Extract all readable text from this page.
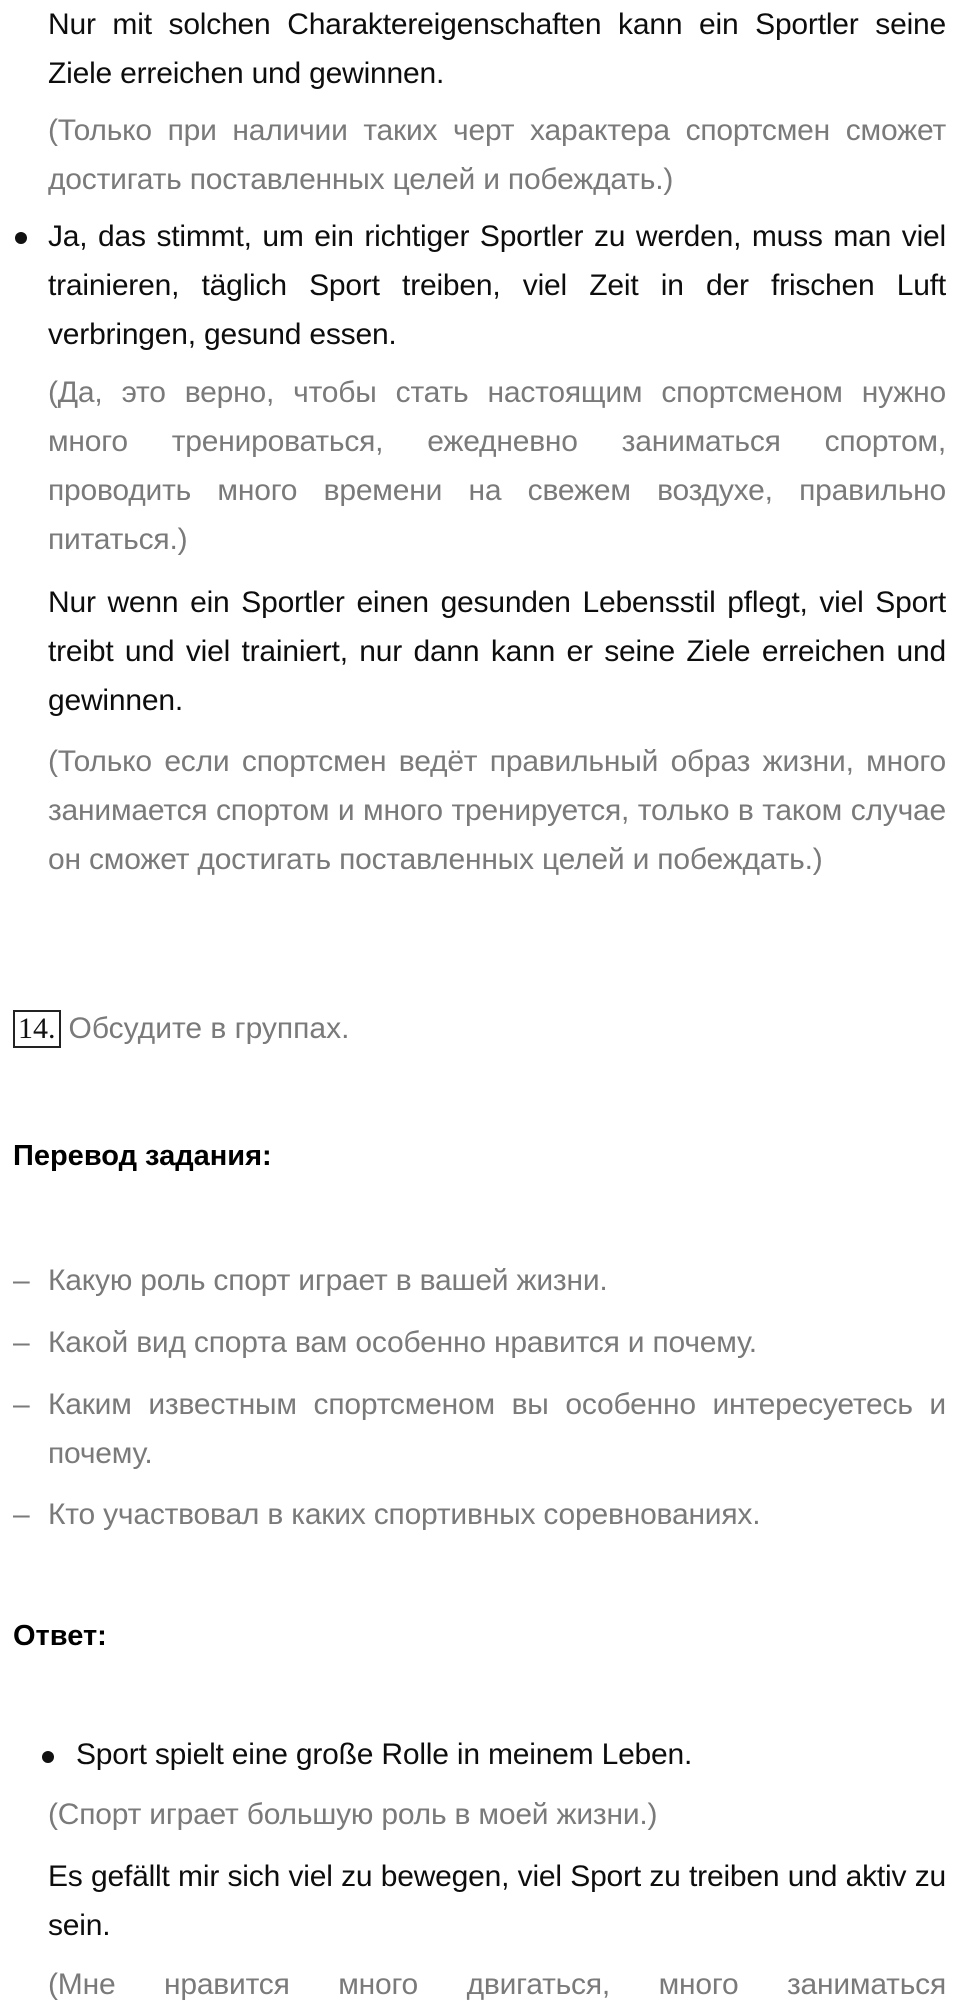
Nur mit solchen Charaktereigenschaften kann ein Sportler seine Ziele erreichen und gewinnen.

(Только при наличии таких черт характера спортсмен сможет достигать поставленных целей и побеждать.)

Ja, das stimmt, um ein richtiger Sportler zu werden, muss man viel trainieren, täglich Sport treiben, viel Zeit in der frischen Luft verbringen, gesund essen.

(Да, это верно, чтобы стать настоящим спортсменом нужно много тренироваться, ежедневно заниматься спортом, проводить много времени на свежем воздухе, правильно питаться.)

Nur wenn ein Sportler einen gesunden Lebensstil pflegt, viel Sport treibt und viel trainiert, nur dann kann er seine Ziele erreichen und gewinnen.

(Только если спортсмен ведёт правильный образ жизни, много занимается спортом и много тренируется, только в таком случае он сможет достигать поставленных целей и побеждать.)

14. Обсудите в группах.
Перевод задания:
– Какую роль спорт играет в вашей жизни.

– Какой вид спорта вам особенно нравится и почему.

– Каким известным спортсменом вы особенно интересуетесь и почему.

– Кто участвовал в каких спортивных соревнованиях.

Ответ:

Sport spielt eine große Rolle in meinem Leben.

(Спорт играет большую роль в моей жизни.)

Es gefällt mir sich viel zu bewegen, viel Sport zu treiben und aktiv zu sein.

(Мне нравится много двигаться, много заниматься
